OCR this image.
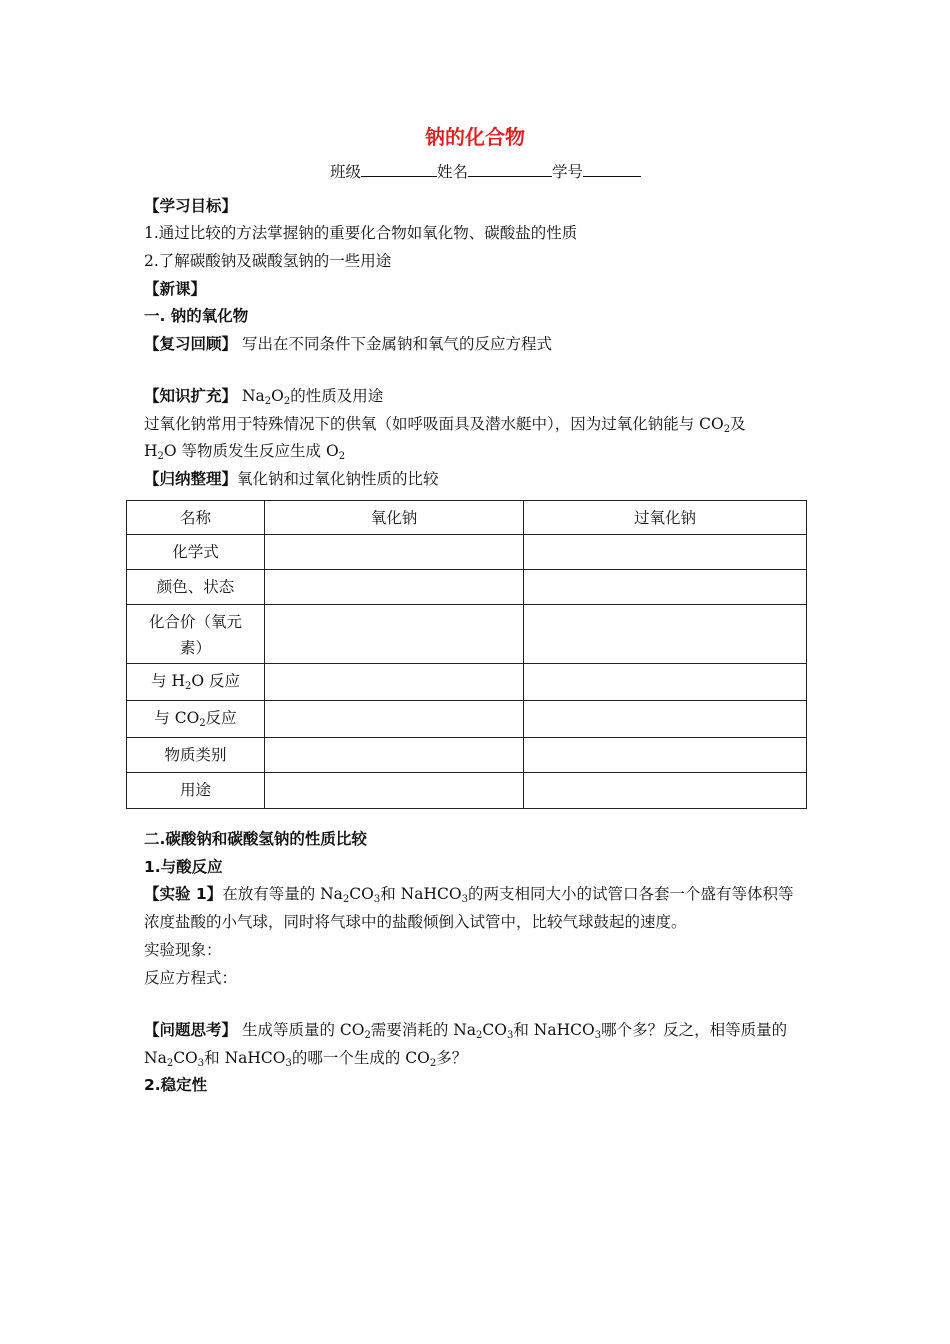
钠的化合物
班级	姓名	学号
【学习目标】
1.通过比较的方法掌握钠的重要化合物如氧化物、碳酸盐的性质
2.了解碳酸钠及碳酸氢钠的一些用途
【新课】
一. 钠的氧化物
【复习回顾】 写出在不同条件下金属钠和氧气的反应方程式
【知识扩充】 $Na_2O_2$的性质及用途
过氧化钠常用于特殊情况下的供氧（如呼吸面具及潜水艇中），因为过氧化钠能与 $CO_2$及
$H_2O$ 等物质发生反应生成 $O_2$
【归纳整理】氧化钠和过氧化钠性质的比较
名称	氧化钠	过氧化钠
化学式		
颜色、状态		

化合价（氧元
素）		

与 $H_2O$ 反应		
与 $CO_2$反应		
物质类别		
用途		
二.碳酸钠和碳酸氢钠的性质比较
1.与酸反应
【实验 1】在放有等量的 $Na_2CO_3$和 NaHCO$_3$的两支相同大小的试管口各套一个盛有等体积等
浓度盐酸的小气球，同时将气球中的盐酸倾倒入试管中，比较气球鼓起的速度。
实验现象：
反应方程式：
【问题思考】 生成等质量的 $CO_2$需要消耗的 $Na_2CO_3$和 NaHCO$_3$哪个多？反之，相等质量的
$Na_2CO_3$和 NaHCO$_3$的哪一个生成的 $CO_2$多？
2.稳定性
